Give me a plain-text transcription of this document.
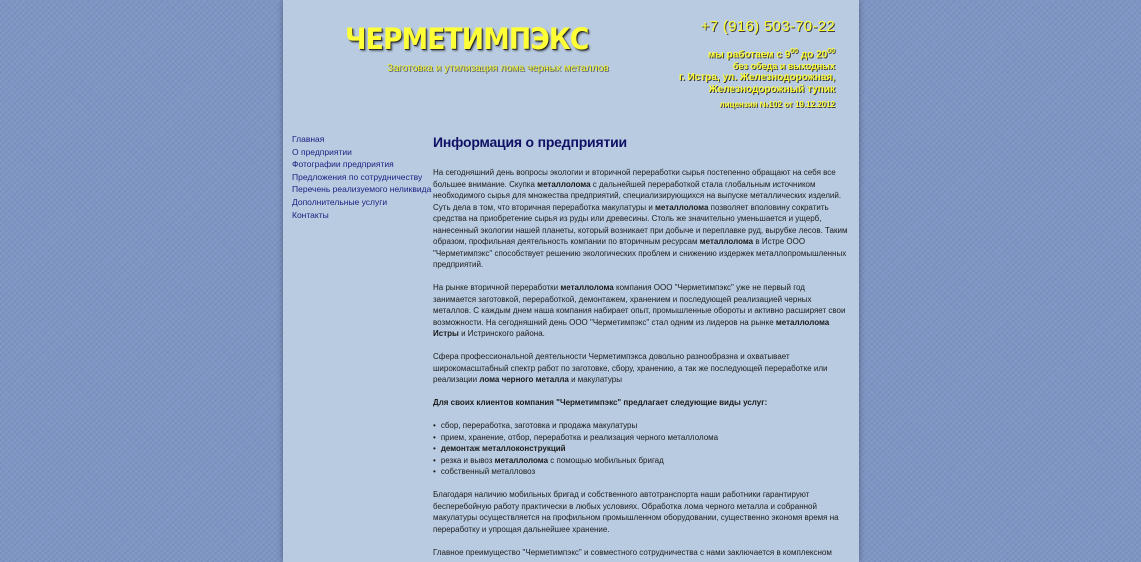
ЧЕРМЕТИМПЭКС
Заготовка и утилизация лома черных металлов
+7 (916) 503-70-22
мы работаем с $9^{00}$ до $20^{00}$
без обеда и выходных
г. Истра, ул. Железнодорожная,
Железнодорожный тупик
лицензия №102 от 19.12.2012
Главная
О предприятии
Фотографии предприятия
Предложения по сотрудничеству
Перечень реализуемого неликвида
Дополнительные услуги
Контакты
Информация о предприятии

На сегодняшний день вопросы экологии и вторичной переработки сырья постепенно обращают на себя все большее внимание. Скупка металлолома с дальнейшей переработкой стала глобальным источником необходимого сырья для множества предприятий, специализирующихся на выпуске металлических изделий. Суть дела в том, что вторичная переработка макулатуры и металлолома позволяет вполовину сократить средства на приобретение сырья из руды или древесины. Столь же значительно уменьшается и ущерб, нанесенный экологии нашей планеты, который возникает при добыче и переплавке руд, вырубке лесов. Таким образом, профильная деятельность компании по вторичным ресурсам металлолома в Истре ООО "Черметимпэкс" способствует решению экологических проблем и снижению издержек металлопромышленных предприятий.

На рынке вторичной переработки металлолома компания ООО "Черметимпэкс" уже не первый год занимается заготовкой, переработкой, демонтажем, хранением и последующей реализацией черных металлов. С каждым днем наша компания набирает опыт, промышленные обороты и активно расширяет свои возможности. На сегодняшний день ООО "Черметимпэкс" стал одним из лидеров на рынке металлолома Истры и Истринского района.

Сфера профессиональной деятельности Черметимпэкса довольно разнообразна и охватывает широкомасштабный спектр работ по заготовке, сбору, хранению, а так же последующей переработке или реализации лома черного металла и макулатуры

Для своих клиентов компания "Черметимпэкс" предлагает следующие виды услуг:

• сбор, переработка, заготовка и продажа макулатуры
• прием, хранение, отбор, переработка и реализация черного металлолома
• демонтаж металлоконструкций
• резка и вывоз металлолома с помощью мобильных бригад
• собственный металловоз

Благодаря наличию мобильных бригад и собственного автотранспорта наши работники гарантируют бесперебойную работу практически в любых условиях. Обработка лома черного металла и собранной макулатуры осуществляется на профильном промышленном оборудовании, существенно экономя время на переработку и упрощая дальнейшее хранение.

Главное преимущество "Черметимпэкс" и совместного сотрудничества с нами заключается в комплексном
